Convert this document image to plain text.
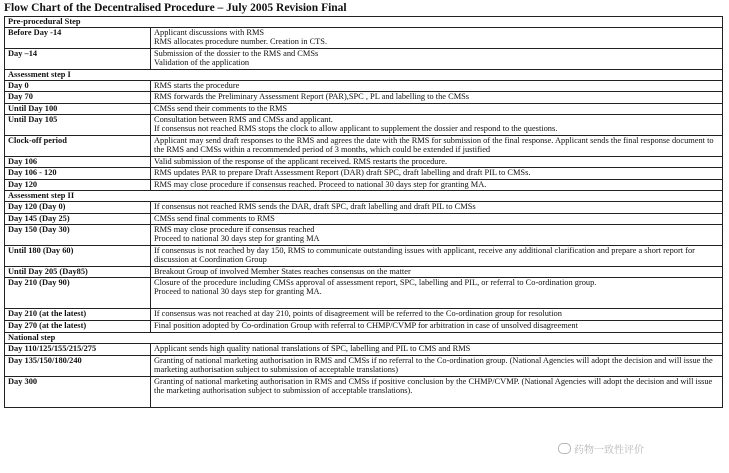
Flow Chart of the Decentralised Procedure – July 2005 Revision Final
Pre-procedural Step	
Before Day -14	Applicant discussions with RMS
RMS allocates procedure number. Creation in CTS.

Day –14	Submission of the dossier to the RMS and CMSs
Validation of the application

Assessment step I	
Day 0	RMS starts the procedure

Day 70	RMS forwards the Preliminary Assessment Report (PAR),SPC , PL and labelling to the CMSs

Until Day 100	CMSs send their comments to the RMS

Until Day 105	Consultation between RMS and CMSs and applicant.
If consensus not reached RMS stops the clock to allow applicant to supplement the dossier and respond to the questions.

Clock-off period	Applicant may send draft responses to the RMS and agrees the date with the RMS for submission of the final response. Applicant sends the final response document to the RMS and CMSs within a recommended period of 3 months, which could be extended if justified

Day 106	Valid submission of the response of the applicant received. RMS restarts the procedure.

Day 106 - 120	RMS updates PAR to prepare Draft Assessment Report (DAR) draft SPC, draft labelling and draft PIL to CMSs.

Day 120	RMS may close procedure if consensus reached. Proceed to national 30 days step for granting MA.

Assessment step II	
Day 120 (Day 0)	If consensus not reached RMS sends the DAR, draft SPC, draft labelling and draft PIL to CMSs

Day 145 (Day 25)	CMSs send final comments to RMS

Day 150 (Day 30)	RMS may close procedure if consensus reached
Proceed to national 30 days step for granting MA

Until 180 (Day 60)	If consensus is not reached by day 150, RMS to communicate outstanding issues with applicant, receive any additional clarification and prepare a short report for discussion at Coordination Group

Until Day 205 (Day85)	Breakout Group of involved Member States reaches consensus on the matter

Day 210 (Day 90)	Closure of the procedure including CMSs approval of assessment report, SPC, labelling and PIL, or referral to Co-ordination group.
Proceed to national 30 days step for granting MA.

Day 210 (at the latest)	If consensus was not reached at day 210, points of disagreement will be referred to the Co-ordination group for resolution

Day 270 (at the latest)	Final position adopted by Co-ordination Group with referral to CHMP/CVMP for arbitration in case of unsolved disagreement

National step	
Day 110/125/155/215/275	Applicant sends high quality national translations of SPC, labelling and PIL to CMS and RMS

Day 135/150/180/240	Granting of national marketing authorisation in RMS and CMSs if no referral to the Co-ordination group. (National Agencies will adopt the decision and will issue the marketing authorisation subject to submission of acceptable translations)

Day 300	Granting of national marketing authorisation in RMS and CMSs if positive conclusion by the CHMP/CVMP. (National Agencies will adopt the decision and will issue the marketing authorisation subject to submission of acceptable translations).
药物一致性评价
